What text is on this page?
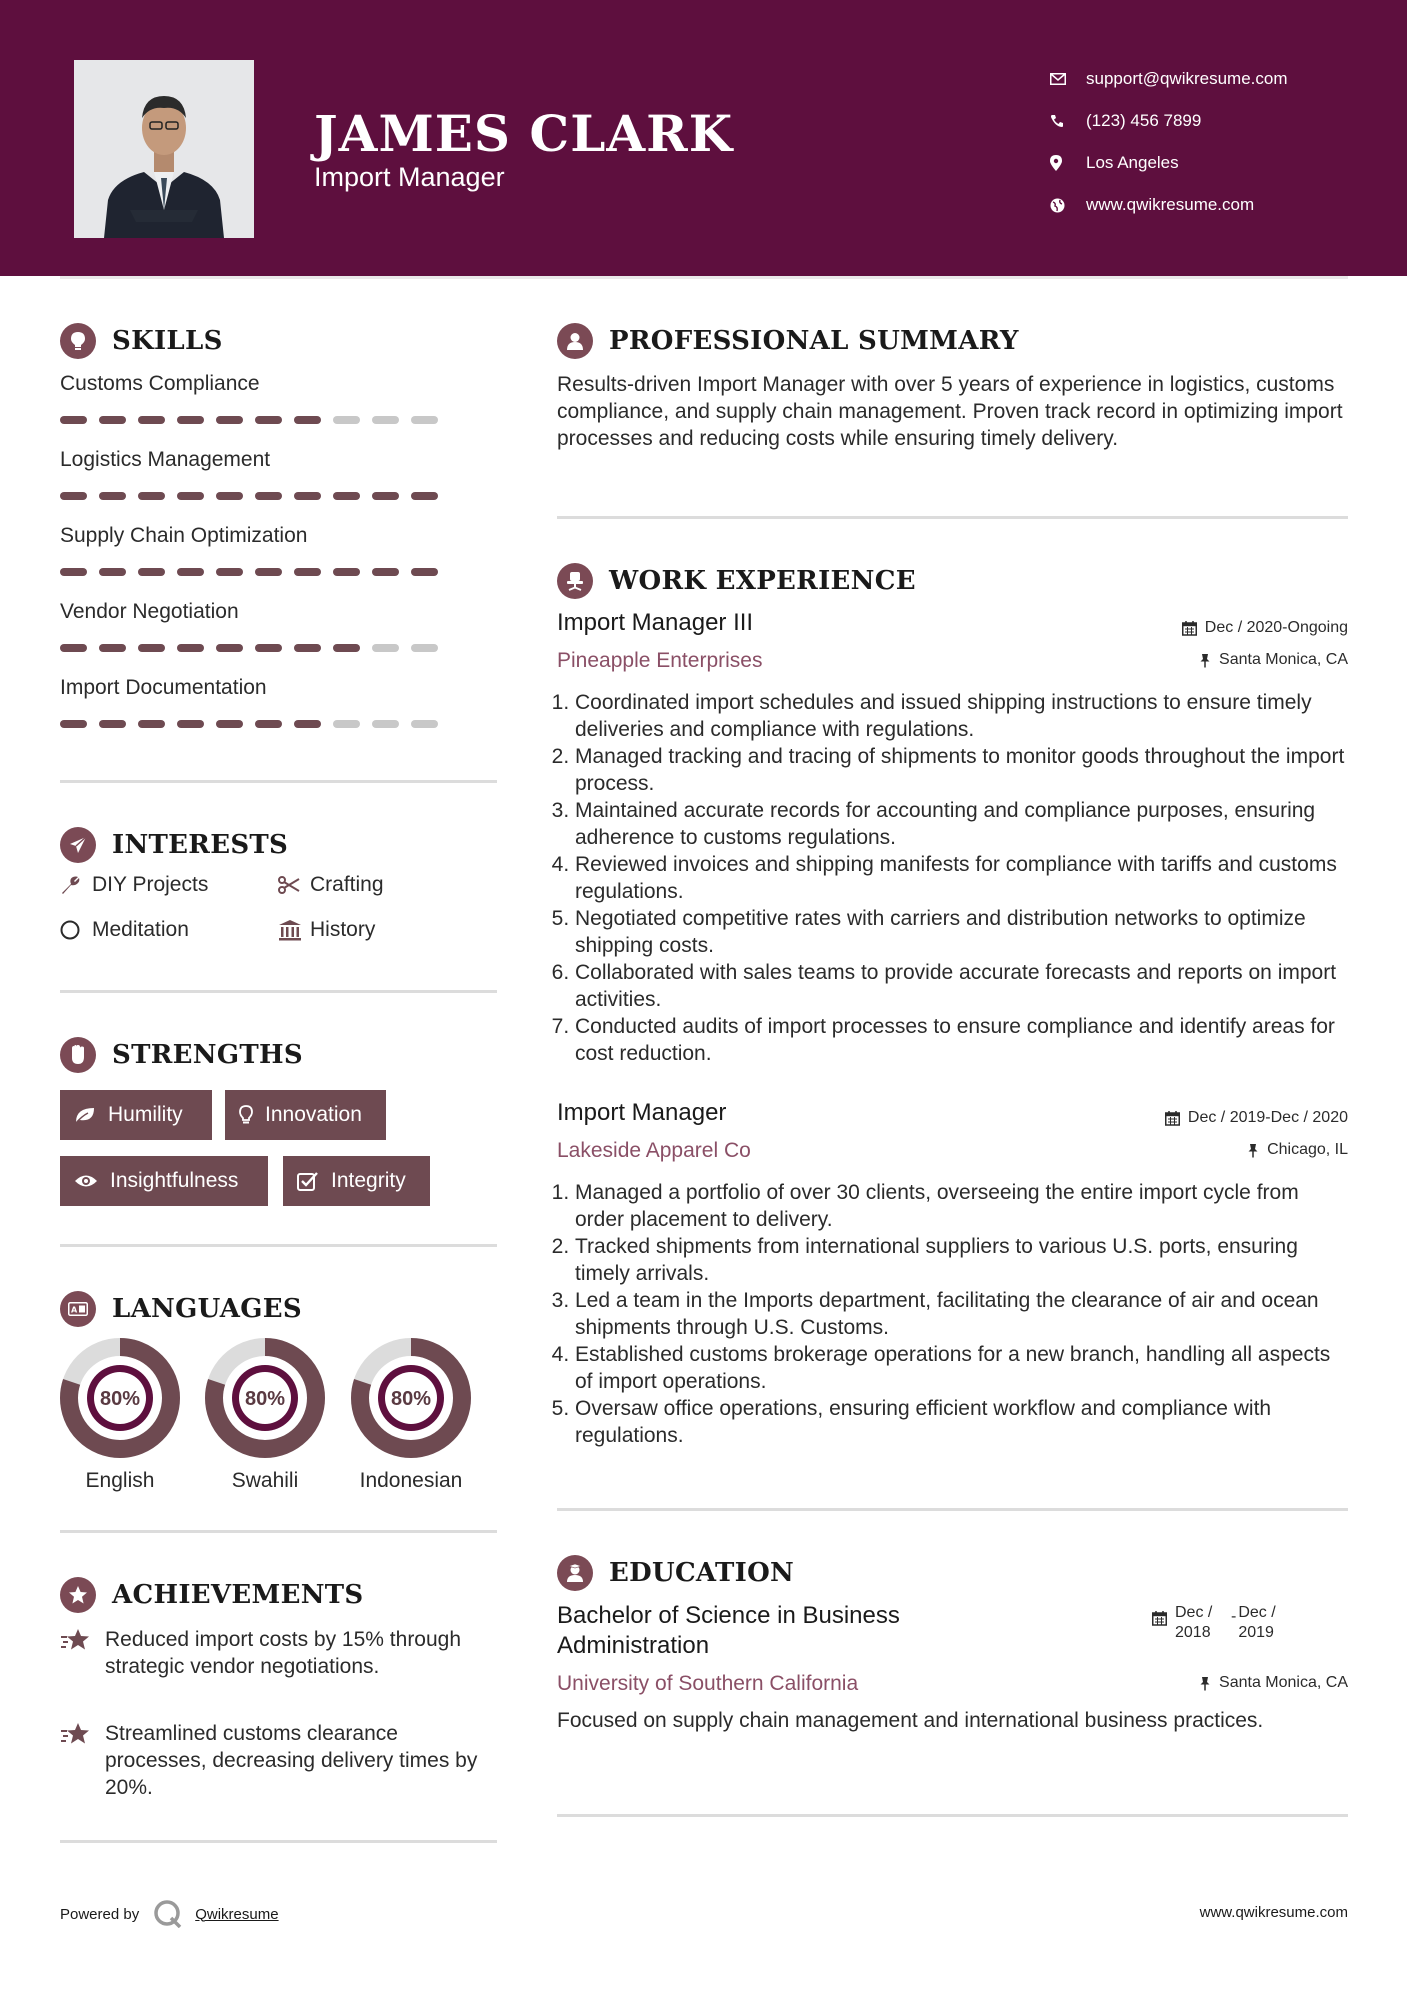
JAMES CLARK
Import Manager
support@qwikresume.com
(123) 456 7899
Los Angeles
www.qwikresume.com
SKILLS
Customs Compliance
Logistics Management
Supply Chain Optimization
Vendor Negotiation
Import Documentation
INTERESTS
DIY Projects	Crafting
Meditation	History
STRENGTHS
Humility	Innovation
Insightfulness	Integrity
A LANGUAGES
80%
English
80%
Swahili
80%
Indonesian
ACHIEVEMENTS
Reduced import costs by 15% through strategic vendor negotiations.
Streamlined customs clearance processes, decreasing delivery times by 20%.
PROFESSIONAL SUMMARY
Results-driven Import Manager with over 5 years of experience in logistics, customs compliance, and supply chain management. Proven track record in optimizing import processes and reducing costs while ensuring timely delivery.
WORK EXPERIENCE
Import Manager III	Dec / 2020-Ongoing
Pineapple Enterprises	Santa Monica, CA
1. Coordinated import schedules and issued shipping instructions to ensure timely deliveries and compliance with regulations.
2. Managed tracking and tracing of shipments to monitor goods throughout the import process.
3. Maintained accurate records for accounting and compliance purposes, ensuring adherence to customs regulations.
4. Reviewed invoices and shipping manifests for compliance with tariffs and customs regulations.
5. Negotiated competitive rates with carriers and distribution networks to optimize shipping costs.
6. Collaborated with sales teams to provide accurate forecasts and reports on import activities.
7. Conducted audits of import processes to ensure compliance and identify areas for cost reduction.
Import Manager	Dec / 2019-Dec / 2020
Lakeside Apparel Co	Chicago, IL
1. Managed a portfolio of over 30 clients, overseeing the entire import cycle from order placement to delivery.
2. Tracked shipments from international suppliers to various U.S. ports, ensuring timely arrivals.
3. Led a team in the Imports department, facilitating the clearance of air and ocean shipments through U.S. Customs.
4. Established customs brokerage operations for a new branch, handling all aspects of import operations.
5. Oversaw office operations, ensuring efficient workflow and compliance with regulations.
EDUCATION
Bachelor of Science in Business Administration
Dec / 2018
- Dec / 2019
University of Southern California	Santa Monica, CA
Focused on supply chain management and international business practices.
Powered by	Qwikresume	www.qwikresume.com
